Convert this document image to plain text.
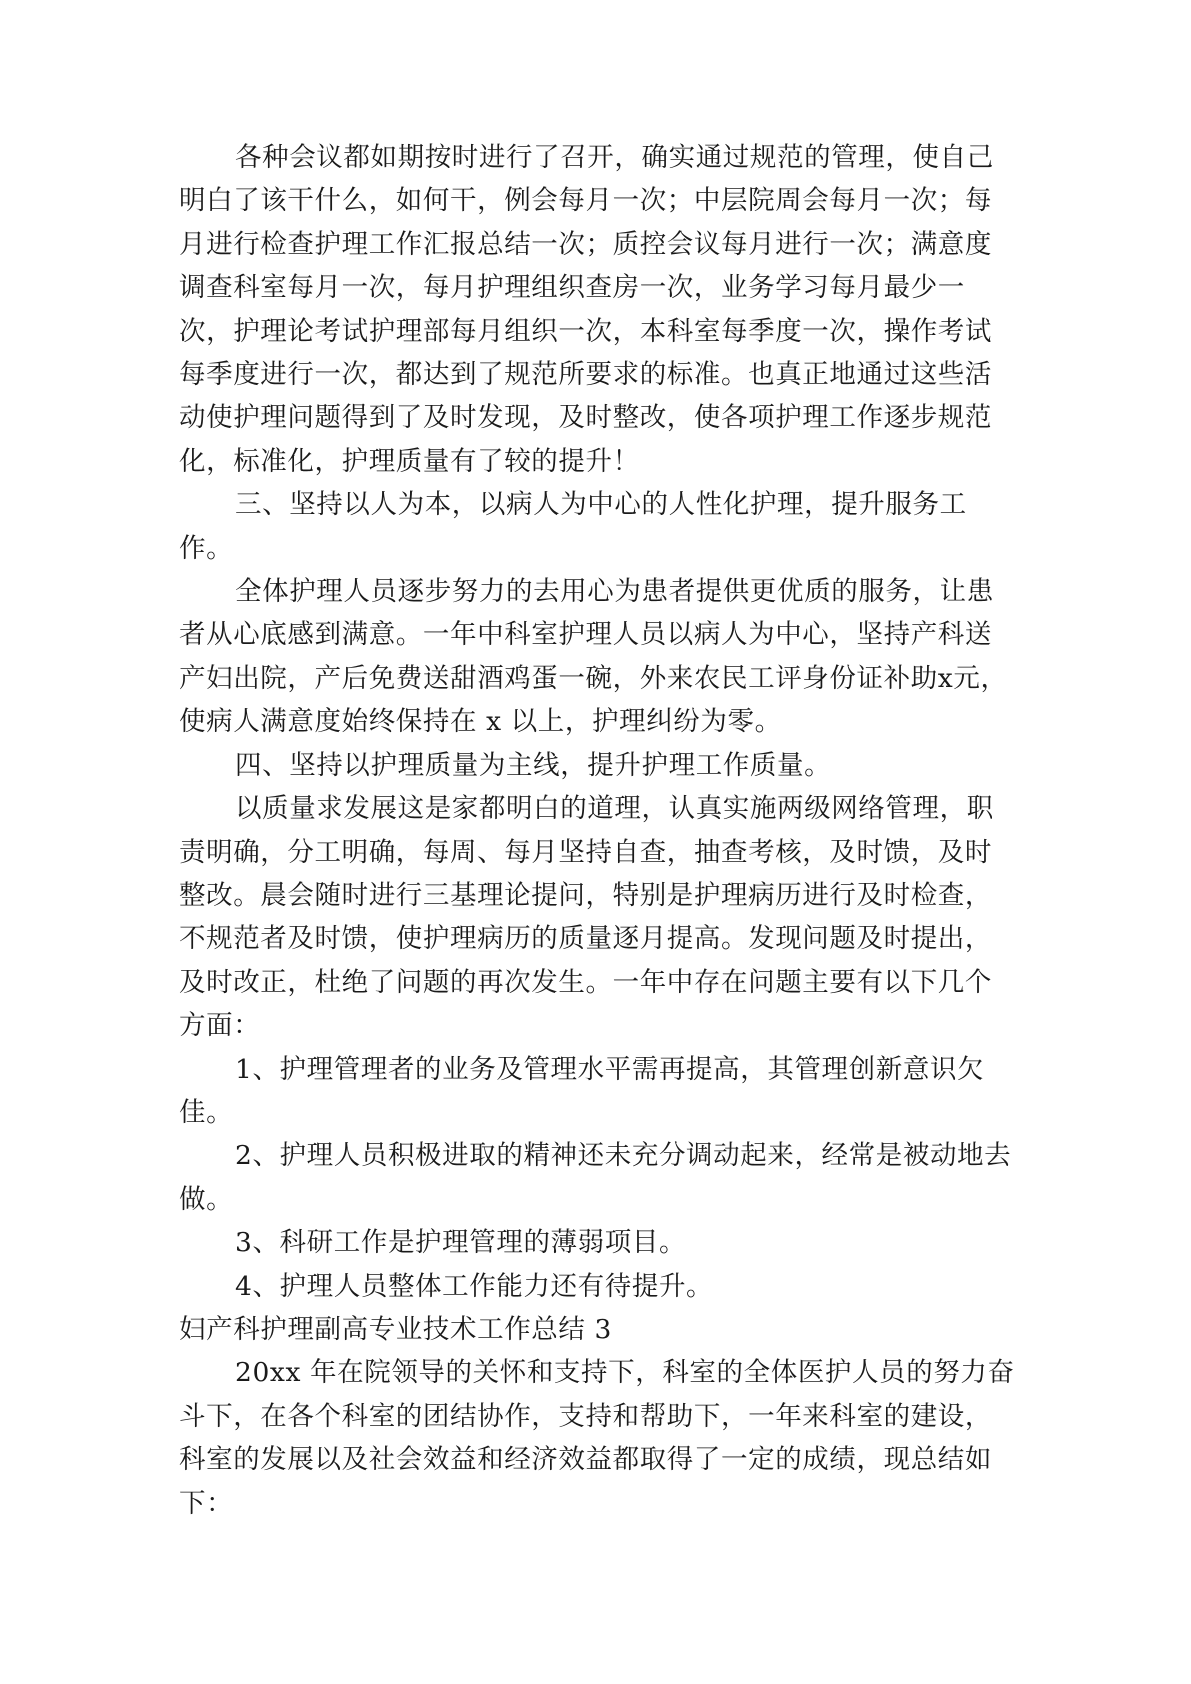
各种会议都如期按时进行了召开，确实通过规范的管理，使自己明白了该干什么，如何干，例会每月一次；中层院周会每月一次；每月进行检查护理工作汇报总结一次；质控会议每月进行一次；满意度调查科室每月一次，每月护理组织查房一次，业务学习每月最少一次，护理论考试护理部每月组织一次，本科室每季度一次，操作考试每季度进行一次，都达到了规范所要求的标准。也真正地通过这些活动使护理问题得到了及时发现，及时整改，使各项护理工作逐步规范化，标准化，护理质量有了较的提升！

三、坚持以人为本，以病人为中心的人性化护理，提升服务工作。

全体护理人员逐步努力的去用心为患者提供更优质的服务，让患者从心底感到满意。一年中科室护理人员以病人为中心，坚持产科送产妇出院，产后免费送甜酒鸡蛋一碗，外来农民工评身份证补助x元，使病人满意度始终保持在 x 以上，护理纠纷为零。

四、坚持以护理质量为主线，提升护理工作质量。

以质量求发展这是家都明白的道理，认真实施两级网络管理，职责明确，分工明确，每周、每月坚持自查，抽查考核，及时馈，及时整改。晨会随时进行三基理论提问，特别是护理病历进行及时检查，不规范者及时馈，使护理病历的质量逐月提高。发现问题及时提出，及时改正，杜绝了问题的再次发生。一年中存在问题主要有以下几个方面：

1、护理管理者的业务及管理水平需再提高，其管理创新意识欠佳。

2、护理人员积极进取的精神还未充分调动起来，经常是被动地去做。

3、科研工作是护理管理的薄弱项目。

4、护理人员整体工作能力还有待提升。

妇产科护理副高专业技术工作总结 3

20xx 年在院领导的关怀和支持下，科室的全体医护人员的努力奋斗下，在各个科室的团结协作，支持和帮助下，一年来科室的建设，科室的发展以及社会效益和经济效益都取得了一定的成绩，现总结如下：
